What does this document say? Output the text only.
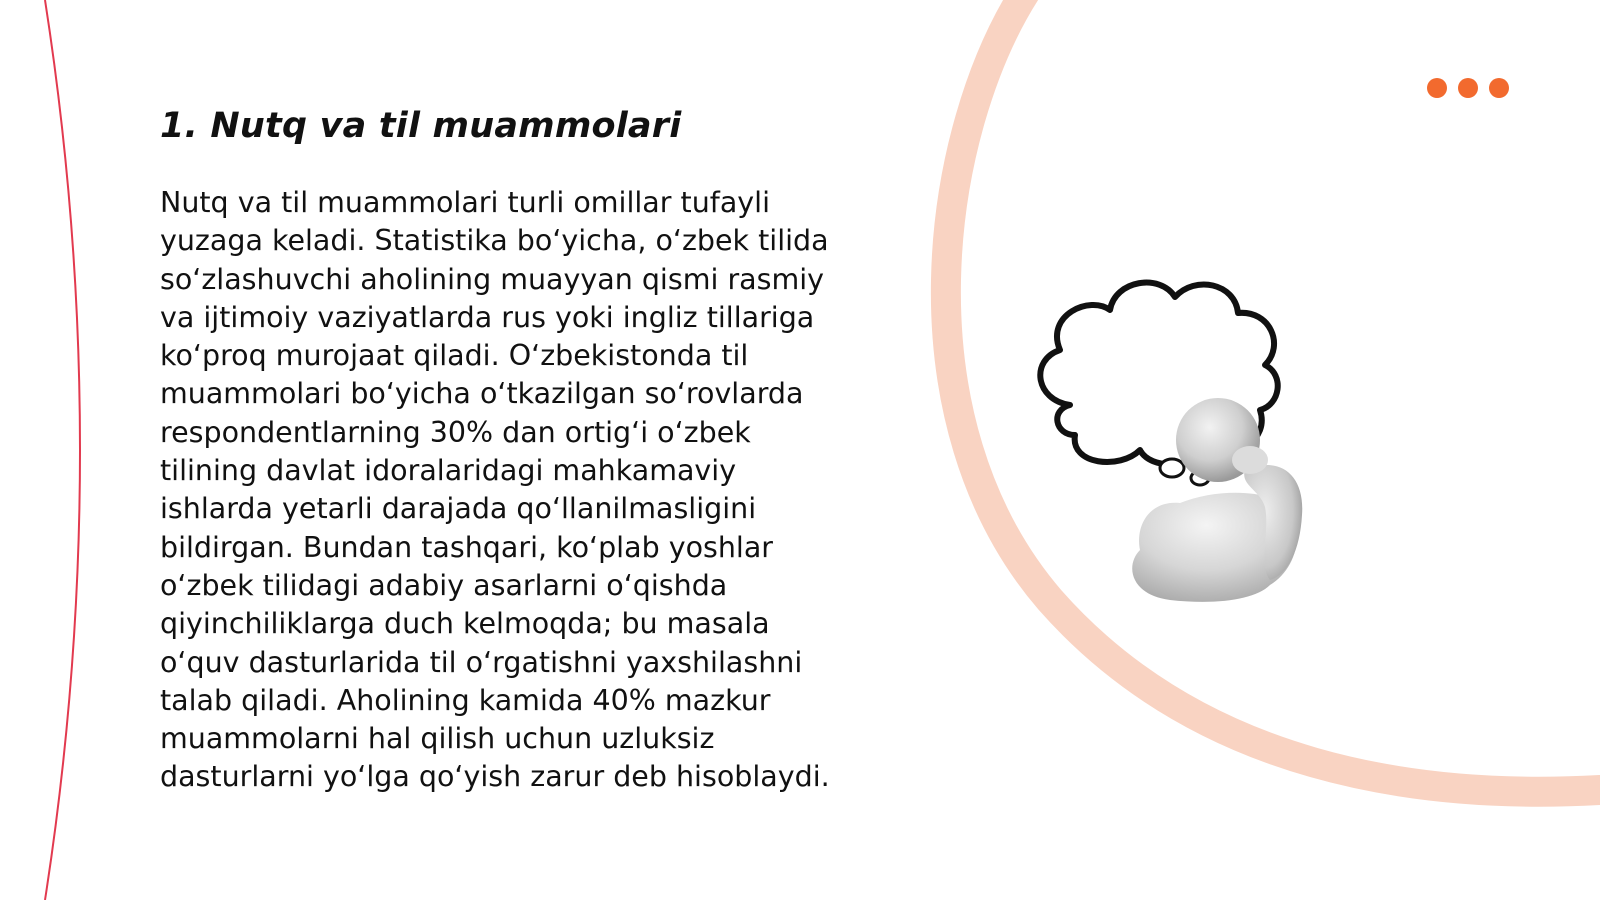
1. Nutq va til muammolari

Nutq va til muammolari turli omillar tufayli yuzaga keladi. Statistika bo‘yicha, o‘zbek tilida so‘zlashuvchi aholining muayyan qismi rasmiy va ijtimoiy vaziyatlarda rus yoki ingliz tillariga ko‘proq murojaat qiladi. O‘zbekistonda til muammolari bo‘yicha o‘tkazilgan so‘rovlarda respondentlarning 30% dan ortig‘i o‘zbek tilining davlat idoralaridagi mahkamaviy ishlarda yetarli darajada qo‘llanilmasligini bildirgan. Bundan tashqari, ko‘plab yoshlar o‘zbek tilidagi adabiy asarlarni o‘qishda qiyinchiliklarga duch kelmoqda; bu masala o‘quv dasturlarida til o‘rgatishni yaxshilashni talab qiladi. Aholining kamida 40% mazkur muammolarni hal qilish uchun uzluksiz dasturlarni yo‘lga qo‘yish zarur deb hisoblaydi.
